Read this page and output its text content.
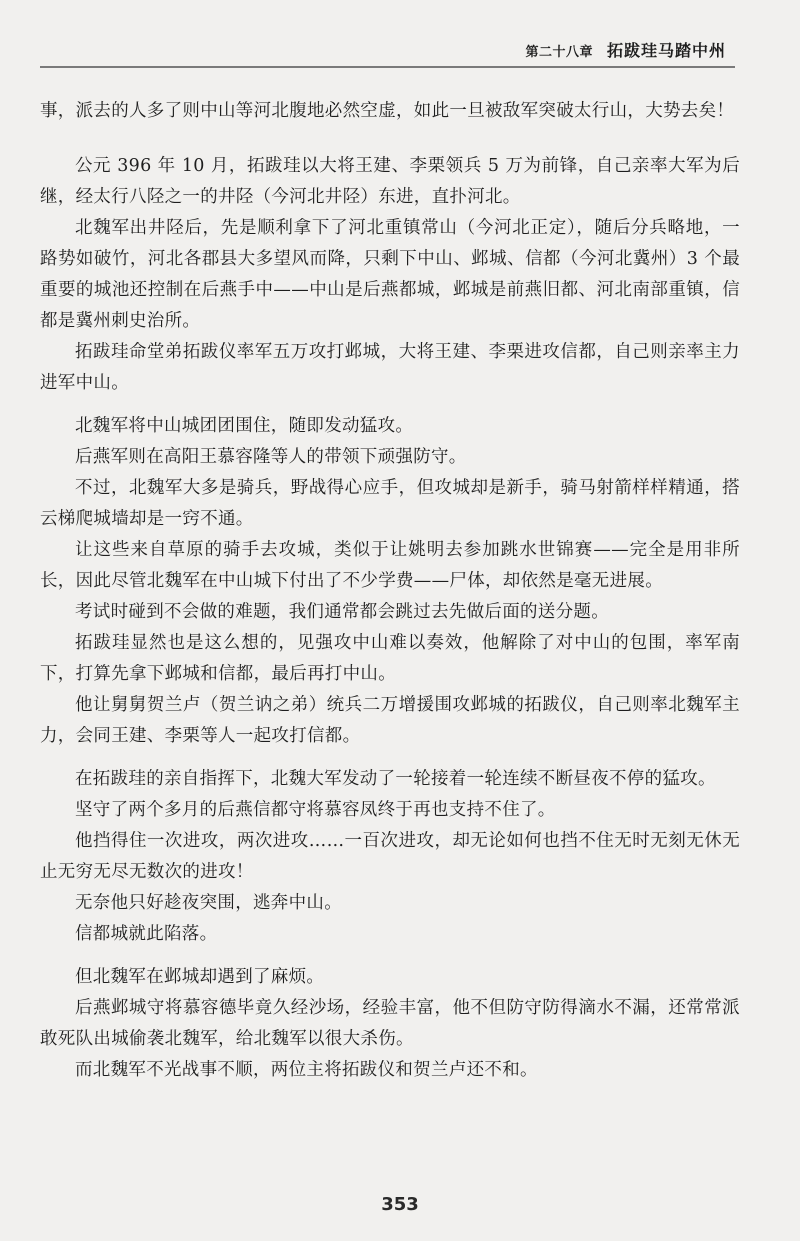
第二十八章 拓跋珪马踏中州

事，派去的人多了则中山等河北腹地必然空虚，如此一旦被敌军突破太行山，大势去矣！

公元 396 年 10 月，拓跋珪以大将王建、李栗领兵 5 万为前锋，自己亲率大军为后继，经太行八陉之一的井陉（今河北井陉）东进，直扑河北。

北魏军出井陉后，先是顺利拿下了河北重镇常山（今河北正定），随后分兵略地，一路势如破竹，河北各郡县大多望风而降，只剩下中山、邺城、信都（今河北冀州）3 个最重要的城池还控制在后燕手中——中山是后燕都城，邺城是前燕旧都、河北南部重镇，信都是冀州刺史治所。

拓跋珪命堂弟拓跋仪率军五万攻打邺城，大将王建、李栗进攻信都，自己则亲率主力进军中山。

北魏军将中山城团团围住，随即发动猛攻。

后燕军则在高阳王慕容隆等人的带领下顽强防守。

不过，北魏军大多是骑兵，野战得心应手，但攻城却是新手，骑马射箭样样精通，搭云梯爬城墙却是一窍不通。

让这些来自草原的骑手去攻城，类似于让姚明去参加跳水世锦赛——完全是用非所长，因此尽管北魏军在中山城下付出了不少学费——尸体，却依然是毫无进展。

考试时碰到不会做的难题，我们通常都会跳过去先做后面的送分题。

拓跋珪显然也是这么想的，见强攻中山难以奏效，他解除了对中山的包围，率军南下，打算先拿下邺城和信都，最后再打中山。

他让舅舅贺兰卢（贺兰讷之弟）统兵二万增援围攻邺城的拓跋仪，自己则率北魏军主力，会同王建、李栗等人一起攻打信都。

在拓跋珪的亲自指挥下，北魏大军发动了一轮接着一轮连续不断昼夜不停的猛攻。

坚守了两个多月的后燕信都守将慕容凤终于再也支持不住了。

他挡得住一次进攻，两次进攻……一百次进攻，却无论如何也挡不住无时无刻无休无止无穷无尽无数次的进攻！

无奈他只好趁夜突围，逃奔中山。

信都城就此陷落。

但北魏军在邺城却遇到了麻烦。

后燕邺城守将慕容德毕竟久经沙场，经验丰富，他不但防守防得滴水不漏，还常常派敢死队出城偷袭北魏军，给北魏军以很大杀伤。

而北魏军不光战事不顺，两位主将拓跋仪和贺兰卢还不和。

353
